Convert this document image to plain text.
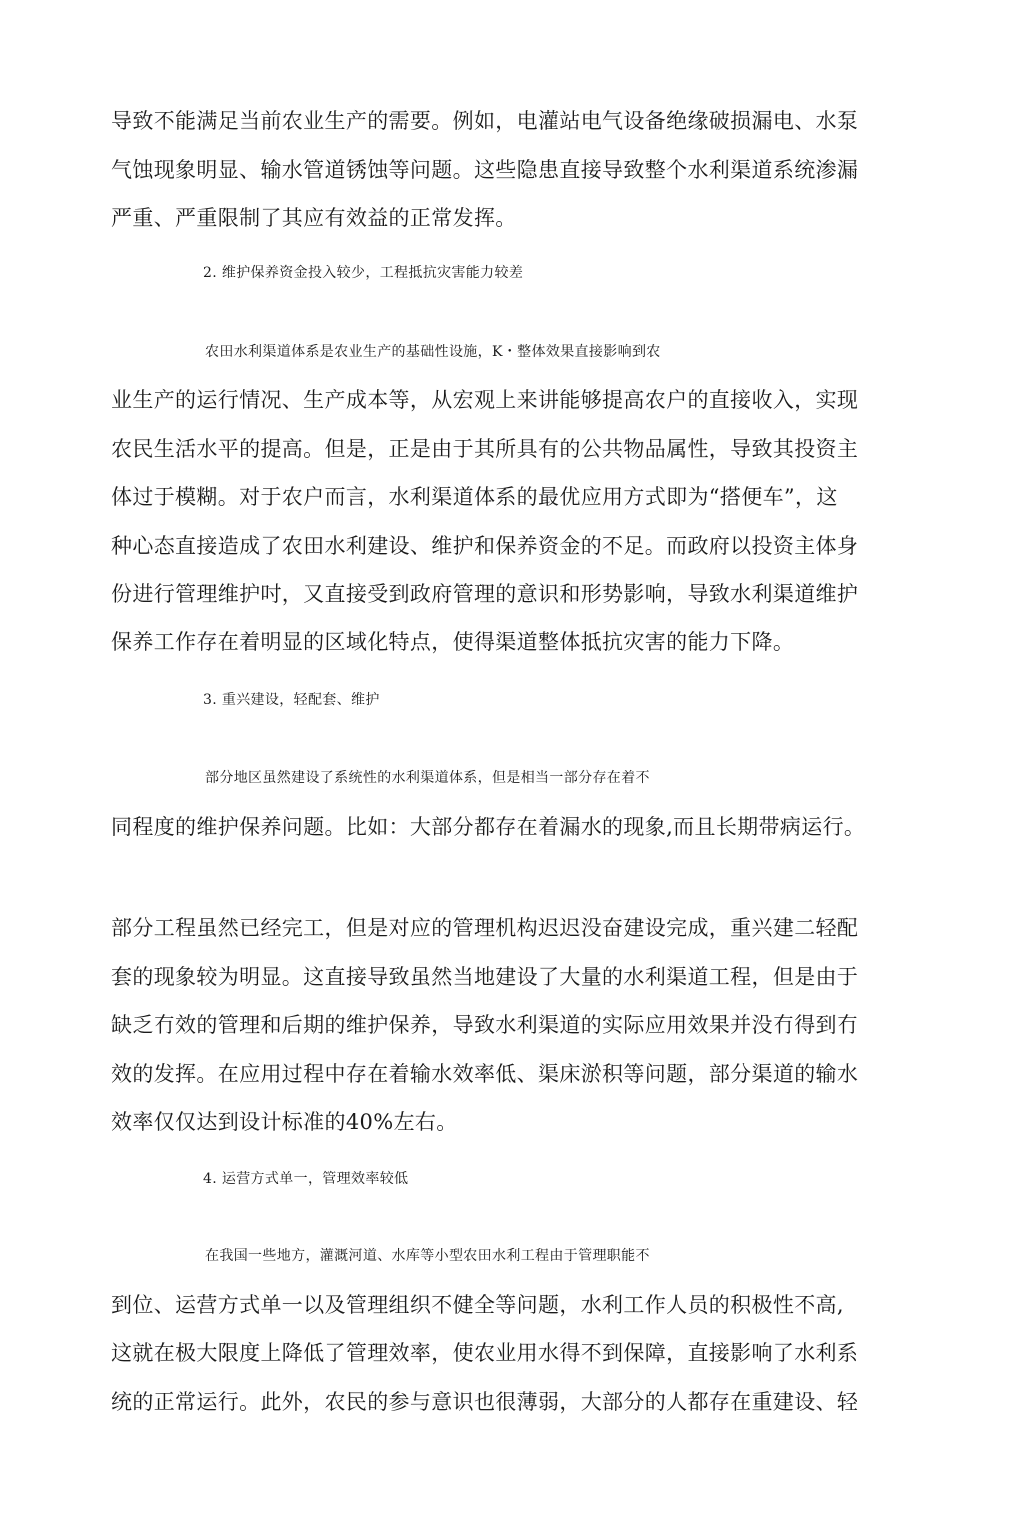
导致不能满足当前农业生产的需要。例如，电灌站电气设备绝缘破损漏电、水泵
气蚀现象明显、输水管道锈蚀等问题。这些隐患直接导致整个水利渠道系统渗漏
严重、严重限制了其应有效益的正常发挥。
2. 维护保养资金投入较少，工程抵抗灾害能力较差
农田水利渠道体系是农业生产的基础性设施，K・整体效果直接影响到农
业生产的运行情况、生产成本等，从宏观上来讲能够提高农户的直接收入，实现
农民生活水平的提高。但是，正是由于其所具有的公共物品属性，导致其投资主
体过于模糊。对于农户而言，水利渠道体系的最优应用方式即为“搭便车”，这
种心态直接造成了农田水利建设、维护和保养资金的不足。而政府以投资主体身
份进行管理维护吋，又直接受到政府管理的意识和形势影响，导致水利渠道维护
保养工作存在着明显的区域化特点，使得渠道整体抵抗灾害的能力下降。
3. 重兴建设，轻配套、维护
部分地区虽然建设了系统性的水利渠道体系，但是相当一部分存在着不
同程度的维护保养问题。比如：大部分都存在着漏水的现象,而且长期带病运行。
部分工程虽然已经完工，但是对应的管理机构迟迟没奋建设完成，重兴建二轻配
套的现象较为明显。这直接导致虽然当地建设了大量的水利渠道工程，但是由于
缺乏冇效的管理和后期的维护保养，导致水利渠道的实际应用效果并没冇得到冇
效的发挥。在应用过程中存在着输水效率低、渠床淤积等问题，部分渠道的输水
效率仅仅达到设计标准的40%左右。
4. 运营方式单一，管理效率较低
在我国一些地方，灌溉河道、水库等小型农田水利工程由于管理职能不
到位、运营方式单一以及管理组织不健全等问题，水利工作人员的积极性不高,
这就在极大限度上降低了管理效率，使农业用水得不到保障，直接影响了水利系
统的正常运行。此外，农民的参与意识也很薄弱，大部分的人都存在重建设、轻
